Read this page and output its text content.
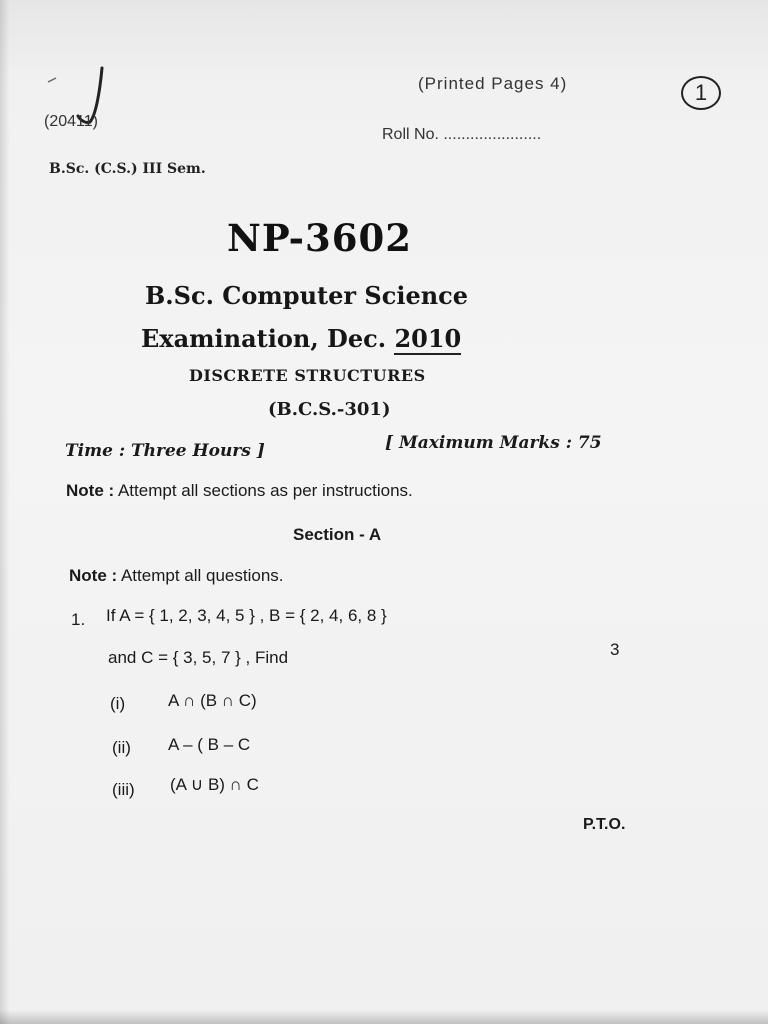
(Printed Pages 4)	1
(20411)
Roll No. ......................
B.Sc. (C.S.) III Sem.
NP-3602
B.Sc. Computer Science
Examination, Dec. 2010
DISCRETE STRUCTURES
(B.C.S.-301)
Time : Three Hours ]	[ Maximum Marks : 75
Note : Attempt all sections as per instructions.
Section - A
Note : Attempt all questions.
1. If A = { 1, 2, 3, 4, 5 } , B = { 2, 4, 6, 8 }
and C = { 3, 5, 7 } , Find	3
(i)	A ∩ (B ∩ C)
(ii) A – ( B – C
(iii) (A ∪ B) ∩ C
P.T.O.
